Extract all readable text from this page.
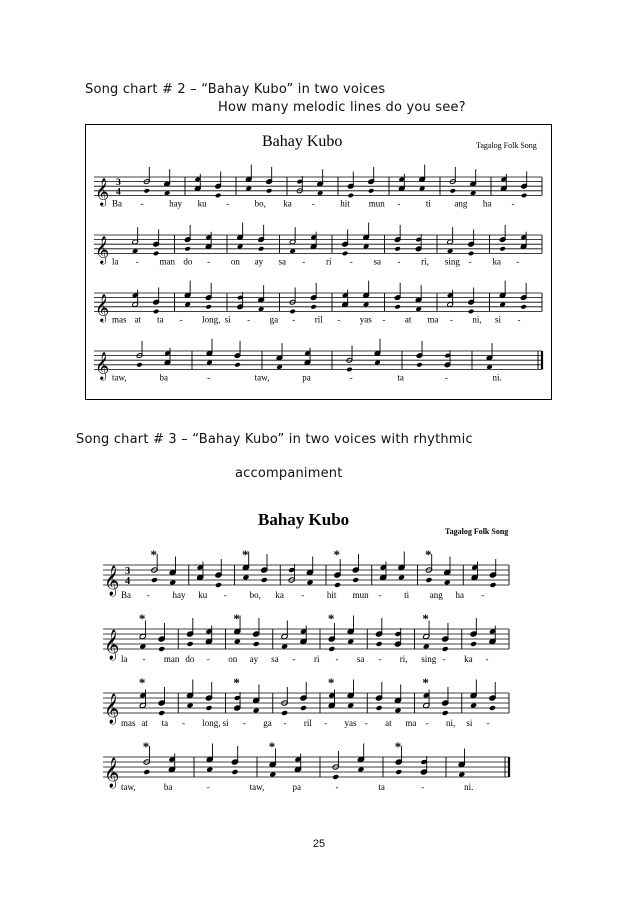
Song chart # 2 – “Bahay Kubo” in two voices
How many melodic lines do you see?
Bahay Kubo	Tagalog Folk Song
𝄞 3
4
Ba -	hay ku -	bo, ka -	hit mun -	ti	ang ha -
𝄞 la - man do - on ay sa - ri - sa - ri, sing - ka -
𝄞 mas at ta - long, si - ga - ril - yas - at ma - ni, si -
𝄞 taw,	ba	-	taw,	pa	-	ta	-	ni.
Song chart # 3 – “Bahay Kubo” in two voices with rhythmic
accompaniment
Bahay Kubo
Tagalog Folk Song
𝄞 3
4
*	*	*	*
Ba -	hay ku -	bo, ka -	hit mun -	ti ang ha -
𝄞
*	*	*	*
la - man do - on ay sa - ri - sa - ri, sing - ka -
𝄞
*	*	*	*
mas at ta - long, si - ga - ril - yas - at ma - ni, si -
𝄞
*	*	*
taw,	ba	-	taw,	pa	-	ta	-	ni.
25
